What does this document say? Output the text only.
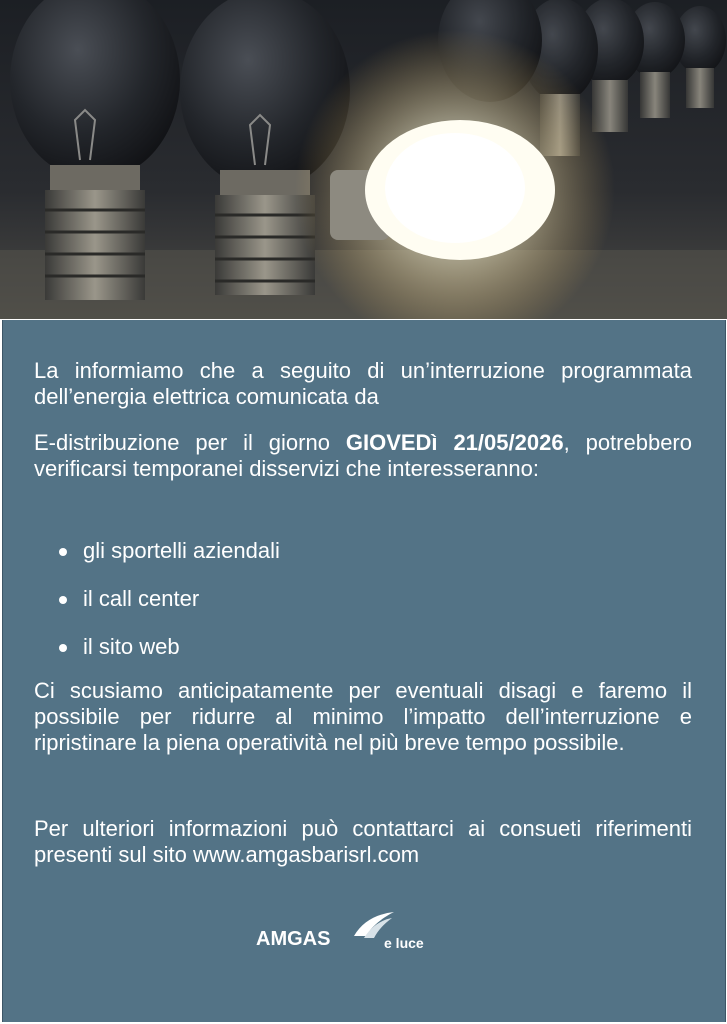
La informiamo che a seguito di un’interruzione programmata dell’energia elettrica comunicata da

E-distribuzione per il giorno GIOVEDì 21/05/2026, potrebbero verificarsi temporanei disservizi che interesseranno:

gli sportelli aziendali
il call center
il sito web

Ci scusiamo anticipatamente per eventuali disagi e faremo il possibile per ridurre al minimo l’impatto dell’interruzione e ripristinare la piena operatività nel più breve tempo possibile.

Per ulteriori informazioni può contattarci ai consueti riferimenti presenti sul sito www.amgasbarisrl.com

AMGAS	e luce
